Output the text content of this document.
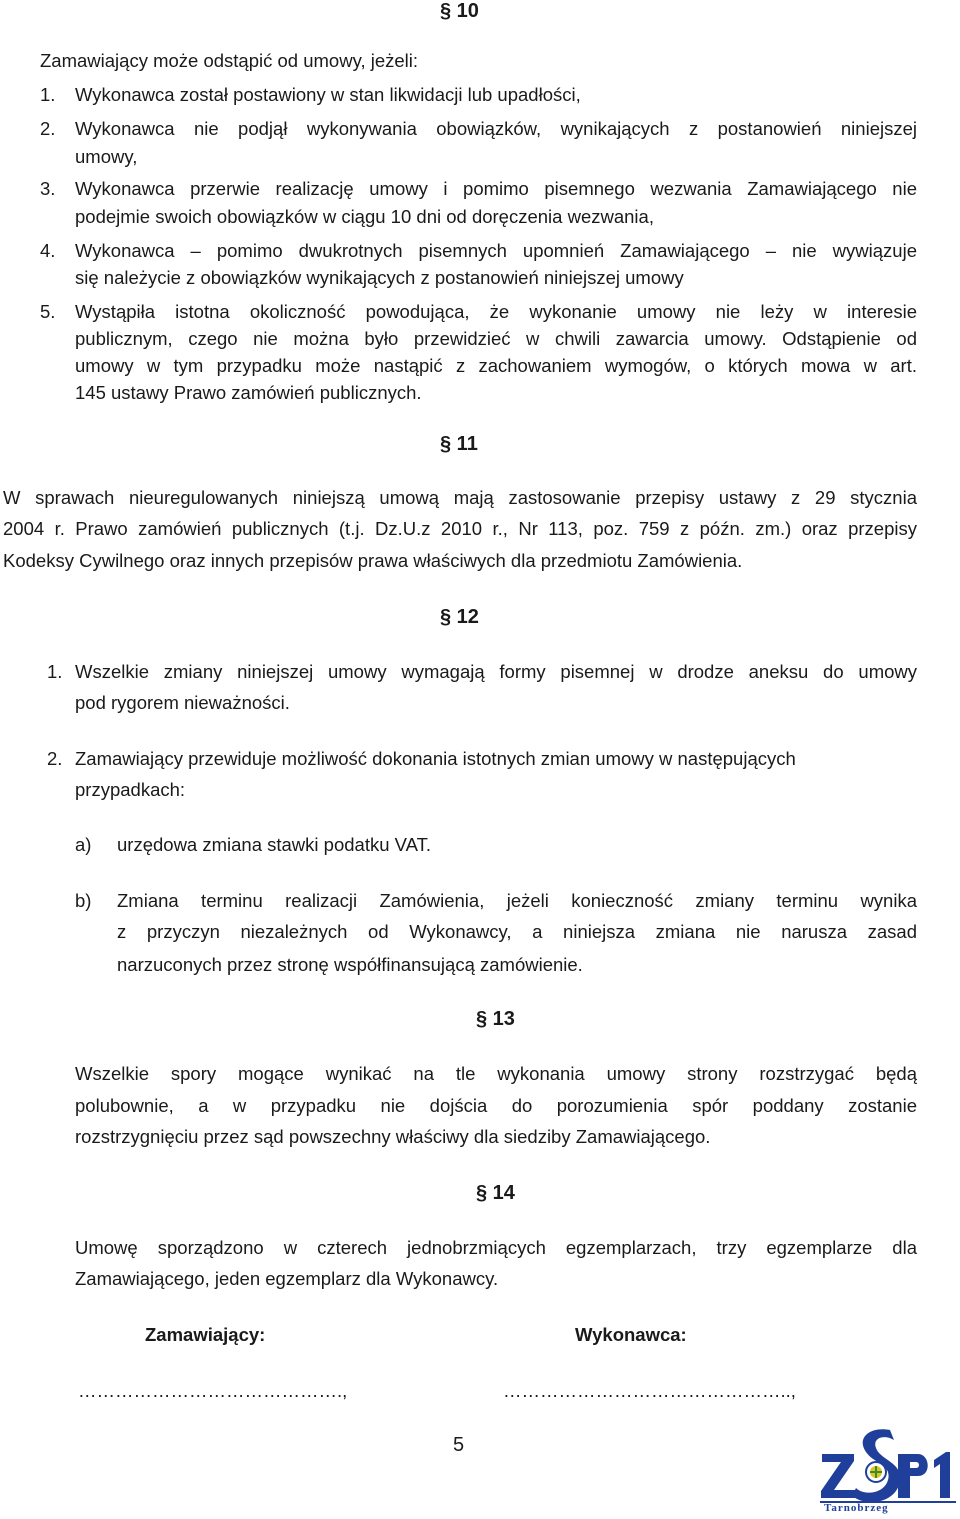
§ 10
Zamawiający może odstąpić od umowy, jeżeli:
1. Wykonawca został postawiony w stan likwidacji lub upadłości,
2. Wykonawca nie podjął wykonywania obowiązków, wynikających z postanowień niniejszej
umowy,
3. Wykonawca przerwie realizację umowy i pomimo pisemnego wezwania Zamawiającego nie
podejmie swoich obowiązków w ciągu 10 dni od doręczenia wezwania,
4. Wykonawca – pomimo dwukrotnych pisemnych upomnień Zamawiającego – nie wywiązuje
się należycie z obowiązków wynikających z postanowień niniejszej umowy
5. Wystąpiła istotna okoliczność powodująca, że wykonanie umowy nie leży w interesie
publicznym, czego nie można było przewidzieć w chwili zawarcia umowy. Odstąpienie od
umowy w tym przypadku może nastąpić z zachowaniem wymogów, o których mowa w art.
145 ustawy Prawo zamówień publicznych.
§ 11
W sprawach nieuregulowanych niniejszą umową mają zastosowanie przepisy ustawy z 29 stycznia
2004 r. Prawo zamówień publicznych (t.j. Dz.U.z 2010 r., Nr 113, poz. 759 z późn. zm.) oraz przepisy
Kodeksy Cywilnego oraz innych przepisów prawa właściwych dla przedmiotu Zamówienia.
§ 12
1. Wszelkie zmiany niniejszej umowy wymagają formy pisemnej w drodze aneksu do umowy
pod rygorem nieważności.
2. Zamawiający przewiduje możliwość dokonania istotnych zmian umowy w następujących
przypadkach:
a) urzędowa zmiana stawki podatku VAT.
b) Zmiana terminu realizacji Zamówienia, jeżeli konieczność zmiany terminu wynika
z przyczyn niezależnych od Wykonawcy, a niniejsza zmiana nie narusza zasad
narzuconych przez stronę współfinansującą zamówienie.
§ 13
Wszelkie spory mogące wynikać na tle wykonania umowy strony rozstrzygać będą
polubownie, a w przypadku nie dojścia do porozumienia spór poddany zostanie
rozstrzygnięciu przez sąd powszechny właściwy dla siedziby Zamawiającego.
§ 14
Umowę sporządzono w czterech jednobrzmiących egzemplarzach, trzy egzemplarze dla
Zamawiającego, jeden egzemplarz dla Wykonawcy.
Zamawiający:	Wykonawca:
…………………………………….,	………………………………………..,
5
Tarnobrzeg
